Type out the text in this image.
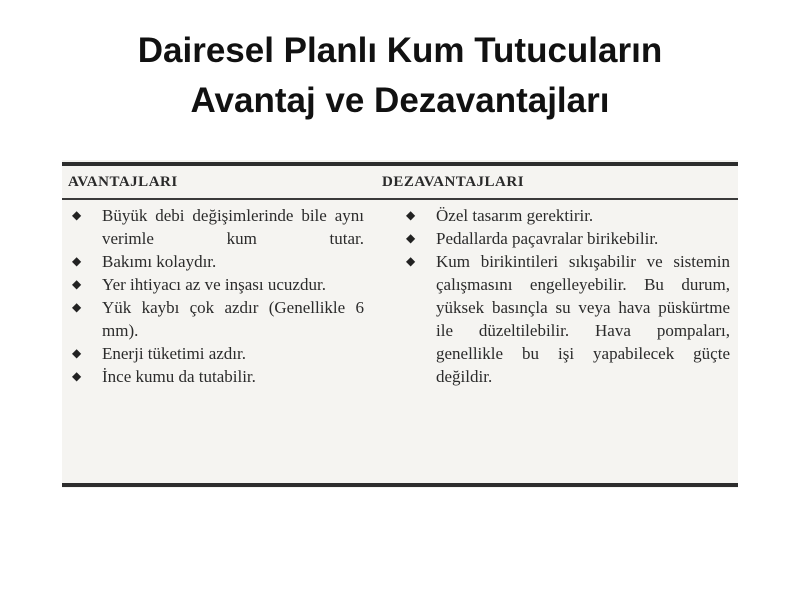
Dairesel Planlı Kum Tutucuların
Avantaj ve Dezavantajları
AVANTAJLARI	DEZAVANTAJLARI
◆ Büyük debi değişimlerinde bile aynı verimle kum tutar.
◆ Bakımı kolaydır.
◆ Yer ihtiyacı az ve inşası ucuzdur.
◆ Yük kaybı çok azdır (Genellikle 6 mm).
◆ Enerji tüketimi azdır.
◆ İnce kumu da tutabilir.
◆ Özel tasarım gerektirir.
◆ Pedallarda paçavralar birikebilir.
◆ Kum birikintileri sıkışabilir ve sistemin çalışmasını engelleyebilir. Bu durum, yüksek basınçla su veya hava püskürtme ile düzeltilebilir. Hava pompaları, genellikle bu işi yapabilecek güçte değildir.
